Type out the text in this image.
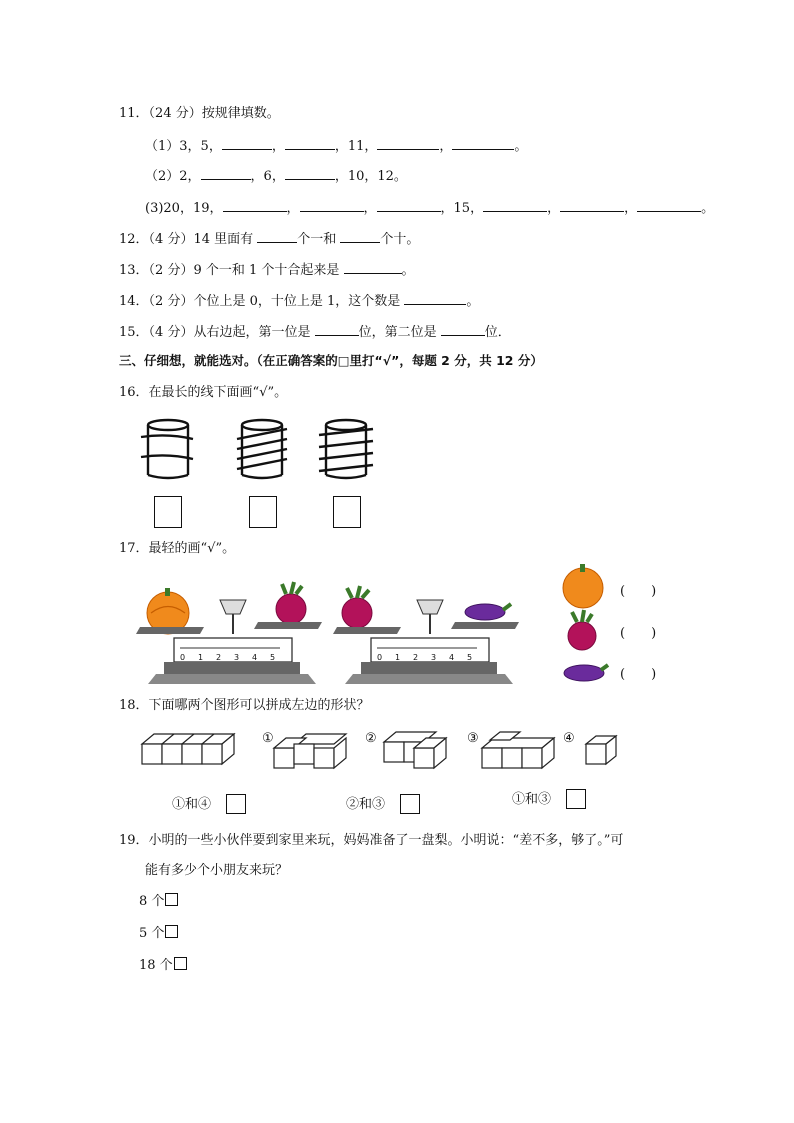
11．（24 分）按规律填数。
（1）3，5，	，	，11，	，	。
（2）2，	，6，	，10，12。
(3)20，19，	，	，	，15，	，	，	。
12．（4 分）14 里面有	个一和	个十。
13．（2 分）9 个一和 1 个十合起来是	。
14．（2 分）个位上是 0，十位上是 1，这个数是	。
15．（4 分）从右边起，第一位是	位，第二位是	位．
三、仔细想，就能选对。（在正确答案的□里打“√”，每题 2 分，共 12 分）
16．在最长的线下面画“√”。
17．最轻的画“√”。
0 1 2 3 4 5	0 1 2 3 4 5
(　　)
(　　)
(　　)
18．下面哪两个图形可以拼成左边的形状？
①	②	③	④
①和④	②和③	①和③
19．小明的一些小伙伴要到家里来玩，妈妈准备了一盘梨。小明说：“差不多，够了。”可
能有多少个小朋友来玩？
8 个
5 个
18 个
